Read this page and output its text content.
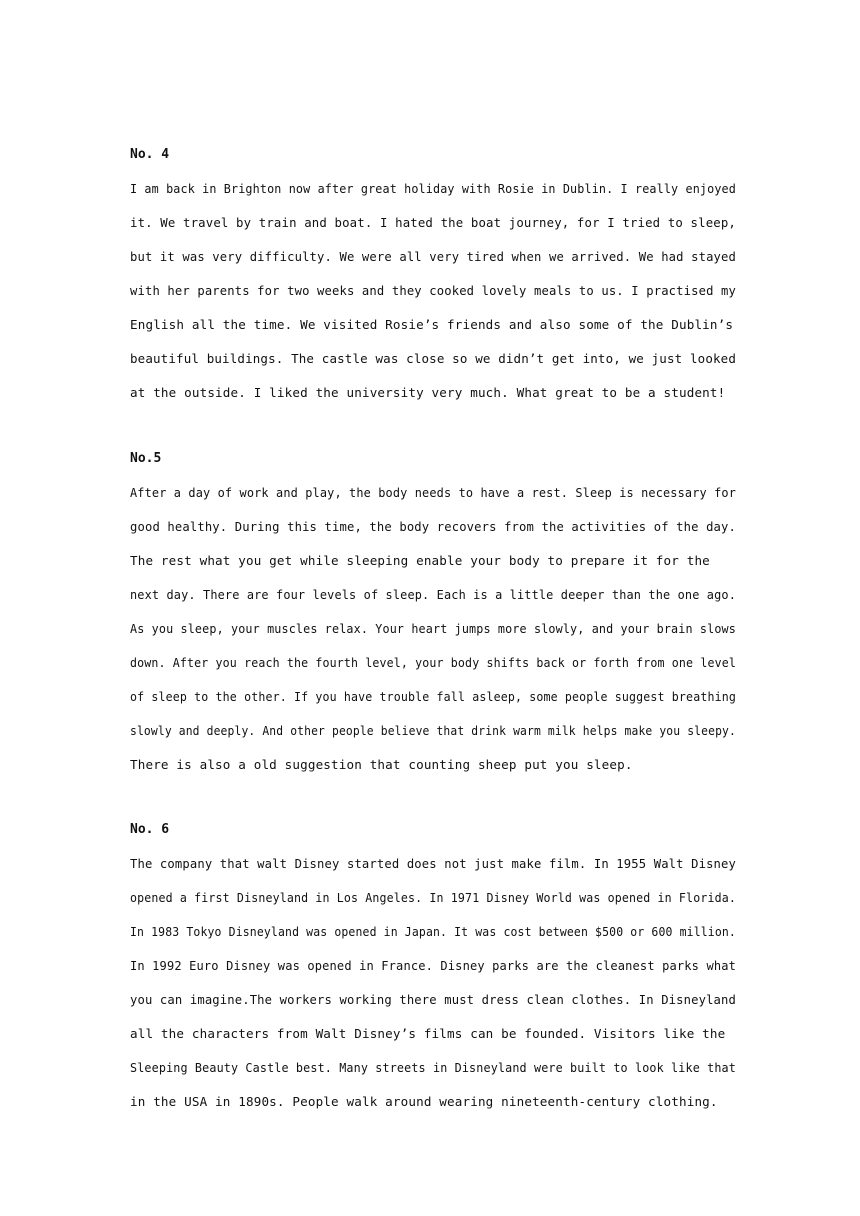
No. 4
I am back in Brighton now after great holiday with Rosie in Dublin. I really enjoyed
it. We travel by train and boat. I hated the boat journey, for I tried to sleep,
but it was very difficulty. We were all very tired when we arrived. We had stayed
with her parents for two weeks and they cooked lovely meals to us. I practised my
English all the time. We visited Rosie’s friends and also some of the Dublin’s
beautiful buildings. The castle was close so we didn’t get into, we just looked
at the outside. I liked the university very much. What great to be a student!
No.5
After a day of work and play, the body needs to have a rest. Sleep is necessary for
good healthy. During this time, the body recovers from the activities of the day.
The rest what you get while sleeping enable your body to prepare it for the
next day. There are four levels of sleep. Each is a little deeper than the one ago.
As you sleep, your muscles relax. Your heart jumps more slowly, and your brain slows
down. After you reach the fourth level, your body shifts back or forth from one level
of sleep to the other. If you have trouble fall asleep, some people suggest breathing
slowly and deeply. And other people believe that drink warm milk helps make you sleepy.
There is also a old suggestion that counting sheep put you sleep.
No. 6
The company that walt Disney started does not just make film. In 1955 Walt Disney
opened a first Disneyland in Los Angeles. In 1971 Disney World was opened in Florida.
In 1983 Tokyo Disneyland was opened in Japan. It was cost between $500 or 600 million.
In 1992 Euro Disney was opened in France. Disney parks are the cleanest parks what
you can imagine.The workers working there must dress clean clothes. In Disneyland
all the characters from Walt Disney’s films can be founded. Visitors like the
Sleeping Beauty Castle best. Many streets in Disneyland were built to look like that
in the USA in 1890s. People walk around wearing nineteenth-century clothing.
